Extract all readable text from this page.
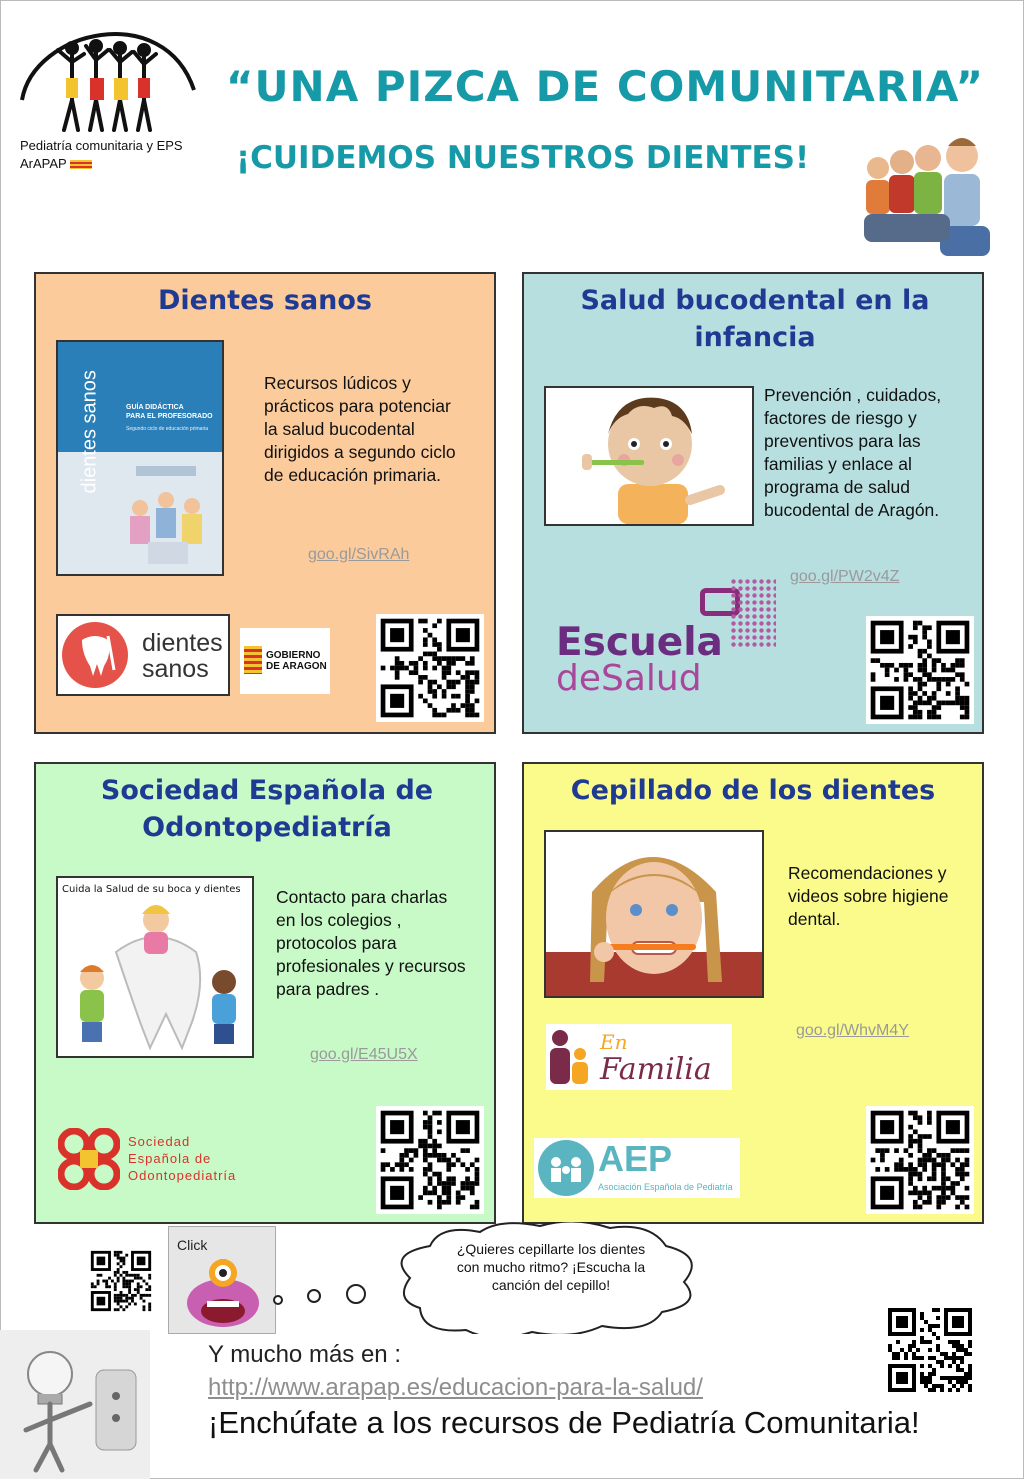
Pediatría comunitaria y EPS
ArAPAP
“UNA PIZCA DE COMUNITARIA”
¡CUIDEMOS NUESTROS DIENTES!
Dientes sanos
dientes sanos	GUÍA DIDÁCTICA
PARA EL PROFESORADO
Segundo ciclo de educación primaria
Recursos lúdicos y prácticos para potenciar la salud bucodental dirigidos a segundo ciclo de educación primaria.
goo.gl/SivRAh
dientes
sanos	GOBIERNO
DE ARAGON
Salud bucodental en la infancia
Prevención , cuidados, factores de riesgo y preventivos para las familias y enlace al programa de salud bucodental de Aragón.
goo.gl/PW2v4Z
Escuela
deSalud
Sociedad Española de Odontopediatría
Cuida la Salud de su boca y dientes Contacto para charlas en los colegios , protocolos para profesionales y recursos para padres .
goo.gl/E45U5X
Sociedad
Española de
Odontopediatría
Cepillado de los dientes
Recomendaciones y videos sobre higiene dental.
goo.gl/WhvM4Y
En
Familia
AEP
Asociación Española de Pediatría
Click	¿Quieres cepillarte los dientes con mucho ritmo? ¡Escucha la canción del cepillo!
Y mucho más en :
http://www.arapap.es/educacion-para-la-salud/
¡Enchúfate a los recursos de Pediatría Comunitaria!
